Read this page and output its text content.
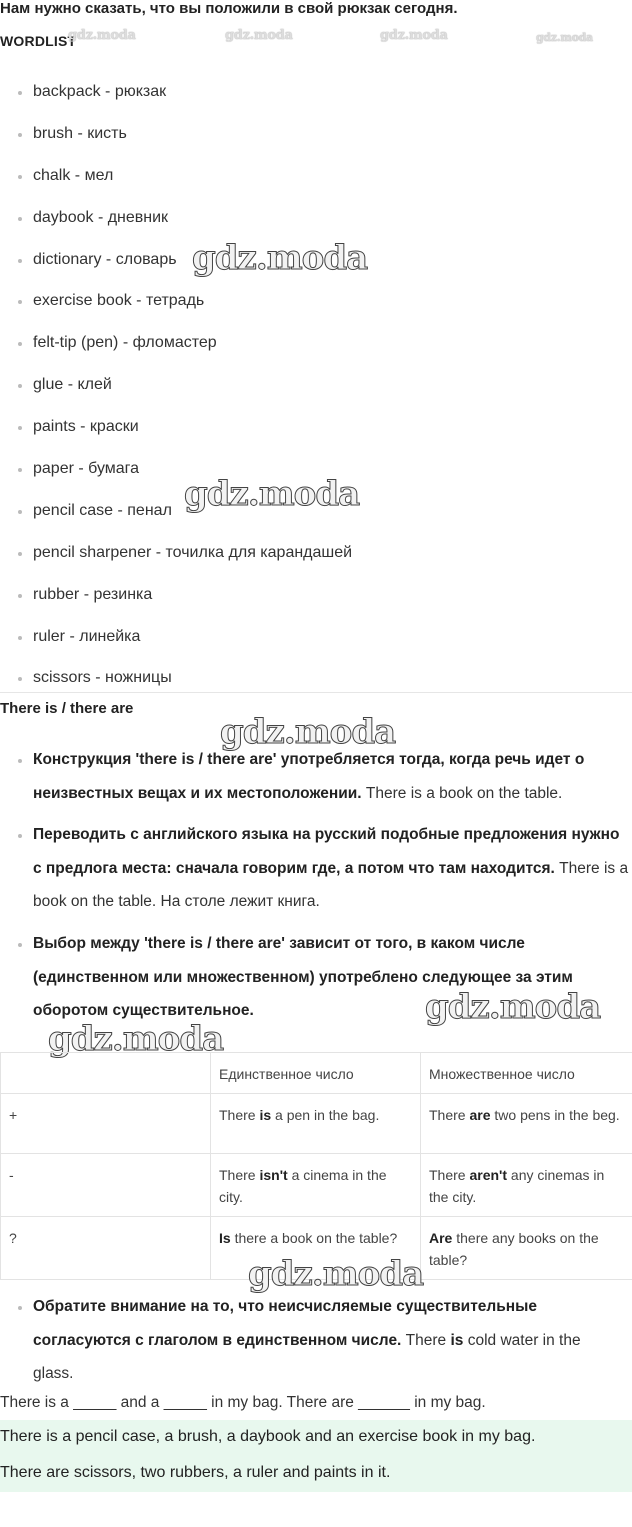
Нам нужно сказать, что вы положили в свой рюкзак сегодня.
WORDLIST
gdz.moda	gdz.moda	gdz.moda	gdz.moda
backpack - рюкзак
brush - кисть
chalk - мел
daybook - дневник
dictionary - словарь
exercise book - тетрадь
felt-tip (pen) - фломастер
glue - клей
paints - краски
paper - бумага
pencil case - пенал
pencil sharpener - точилка для карандашей
rubber - резинка
ruler - линейка
scissors - ножницы
gdz.moda
gdz.moda
There is / there are
gdz.moda
Конструкция 'there is / there are' употребляется тогда, когда речь идет о неизвестных вещах и их местоположении. There is a book on the table.
Переводить с английского языка на русский подобные предложения нужно с предлога места: сначала говорим где, а потом что там находится. There is a book on the table. На столе лежит книга.
Выбор между 'there is / there are' зависит от того, в каком числе (единственном или множественном) употреблено следующее за этим оборотом существительное.	gdz.moda
gdz.moda
	Единственное число	Множественное число
+	There is a pen in the bag.	There are two pens in the beg.
-	There isn't a cinema in the city.	There aren't any cinemas in the city.
?	Is there a book on the table?	Are there any books on the table?
gdz.moda
Обратите внимание на то, что неисчисляемые существительные согласуются с глаголом в единственном числе. There is cold water in the glass.
There is a _____ and a _____ in my bag. There are ______ in my bag.
There is a pencil case, a brush, a daybook and an exercise book in my bag.
There are scissors, two rubbers, a ruler and paints in it.
